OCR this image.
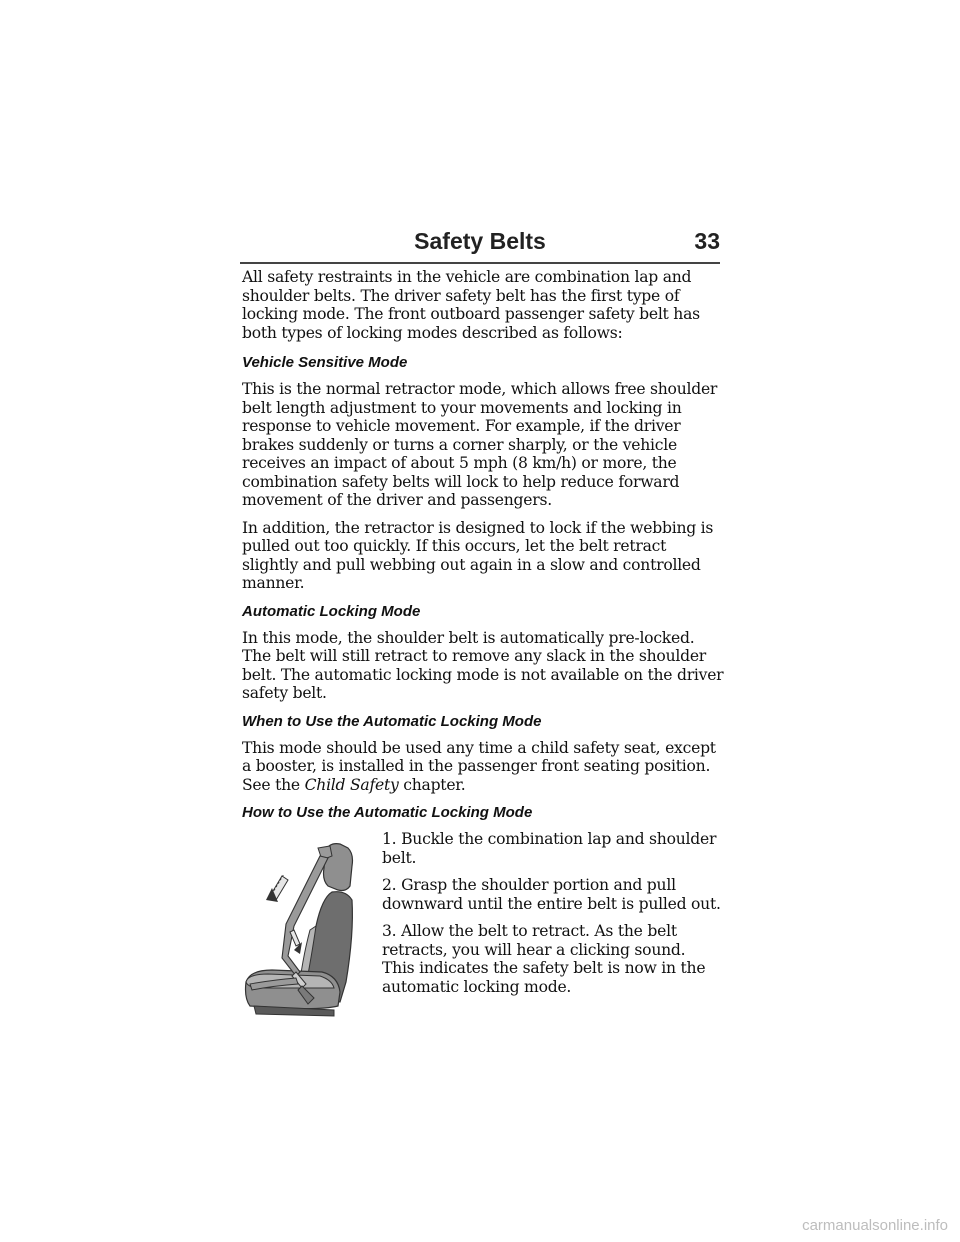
Safety Belts	33

All safety restraints in the vehicle are combination lap and shoulder belts. The driver safety belt has the first type of locking mode. The front outboard passenger safety belt has both types of locking modes described as follows:

Vehicle Sensitive Mode

This is the normal retractor mode, which allows free shoulder belt length adjustment to your movements and locking in response to vehicle movement. For example, if the driver brakes suddenly or turns a corner sharply, or the vehicle receives an impact of about 5 mph (8 km/h) or more, the combination safety belts will lock to help reduce forward movement of the driver and passengers.

In addition, the retractor is designed to lock if the webbing is pulled out too quickly. If this occurs, let the belt retract slightly and pull webbing out again in a slow and controlled manner.

Automatic Locking Mode

In this mode, the shoulder belt is automatically pre-locked. The belt will still retract to remove any slack in the shoulder belt. The automatic locking mode is not available on the driver safety belt.

When to Use the Automatic Locking Mode

This mode should be used any time a child safety seat, except a booster, is installed in the passenger front seating position. See the Child Safety chapter.

How to Use the Automatic Locking Mode

1. Buckle the combination lap and shoulder belt.

2. Grasp the shoulder portion and pull downward until the entire belt is pulled out.

3. Allow the belt to retract. As the belt retracts, you will hear a clicking sound. This indicates the safety belt is now in the automatic locking mode.

carmanualsonline.info
